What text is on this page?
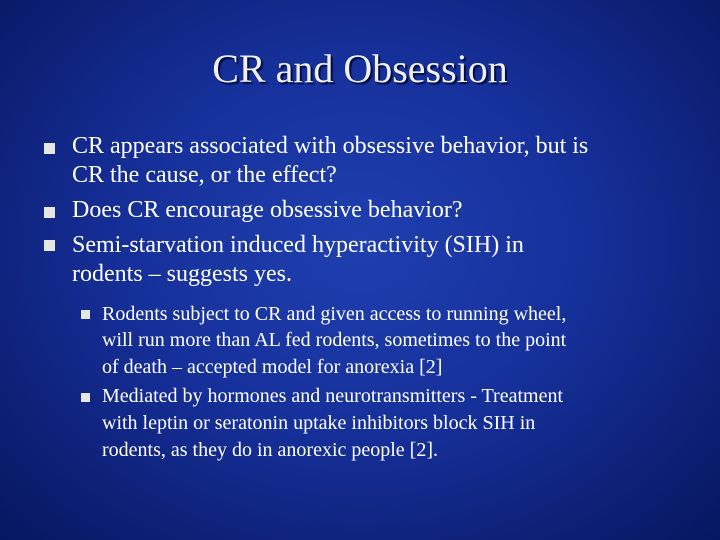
CR and Obsession
CR appears associated with obsessive behavior, but is
CR the cause, or the effect?
Does CR encourage obsessive behavior?
Semi-starvation induced hyperactivity (SIH) in
rodents – suggests yes.
Rodents subject to CR and given access to running wheel,
will run more than AL fed rodents, sometimes to the point
of death – accepted model for anorexia [2]
Mediated by hormones and neurotransmitters - Treatment
with leptin or seratonin uptake inhibitors block SIH in
rodents, as they do in anorexic people [2].
